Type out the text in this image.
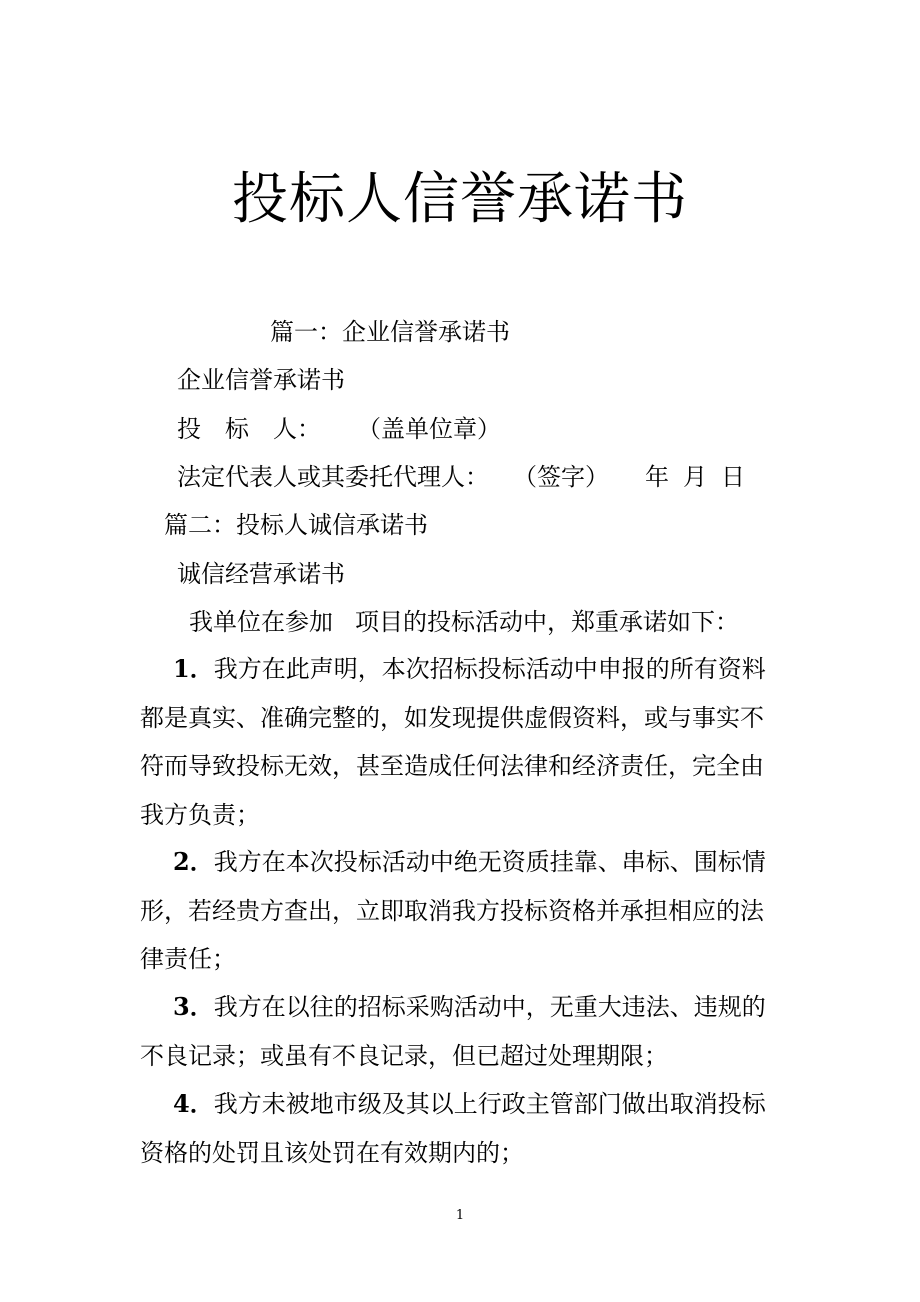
投标人信誉承诺书
篇一：企业信誉承诺书
企业信誉承诺书
投　标　人： （盖单位章）
法定代表人或其委托代理人： （签字） 年 月 日
篇二：投标人诚信承诺书
诚信经营承诺书
我单位在参加 项目的投标活动中，郑重承诺如下：
1．我方在此声明，本次招标投标活动中申报的所有资料都是真实、准确完整的，如发现提供虚假资料，或与事实不符而导致投标无效，甚至造成任何法律和经济责任，完全由我方负责；
2．我方在本次投标活动中绝无资质挂靠、串标、围标情形，若经贵方查出，立即取消我方投标资格并承担相应的法律责任；
3．我方在以往的招标采购活动中，无重大违法、违规的不良记录；或虽有不良记录，但已超过处理期限；
4．我方未被地市级及其以上行政主管部门做出取消投标资格的处罚且该处罚在有效期内的；
1
